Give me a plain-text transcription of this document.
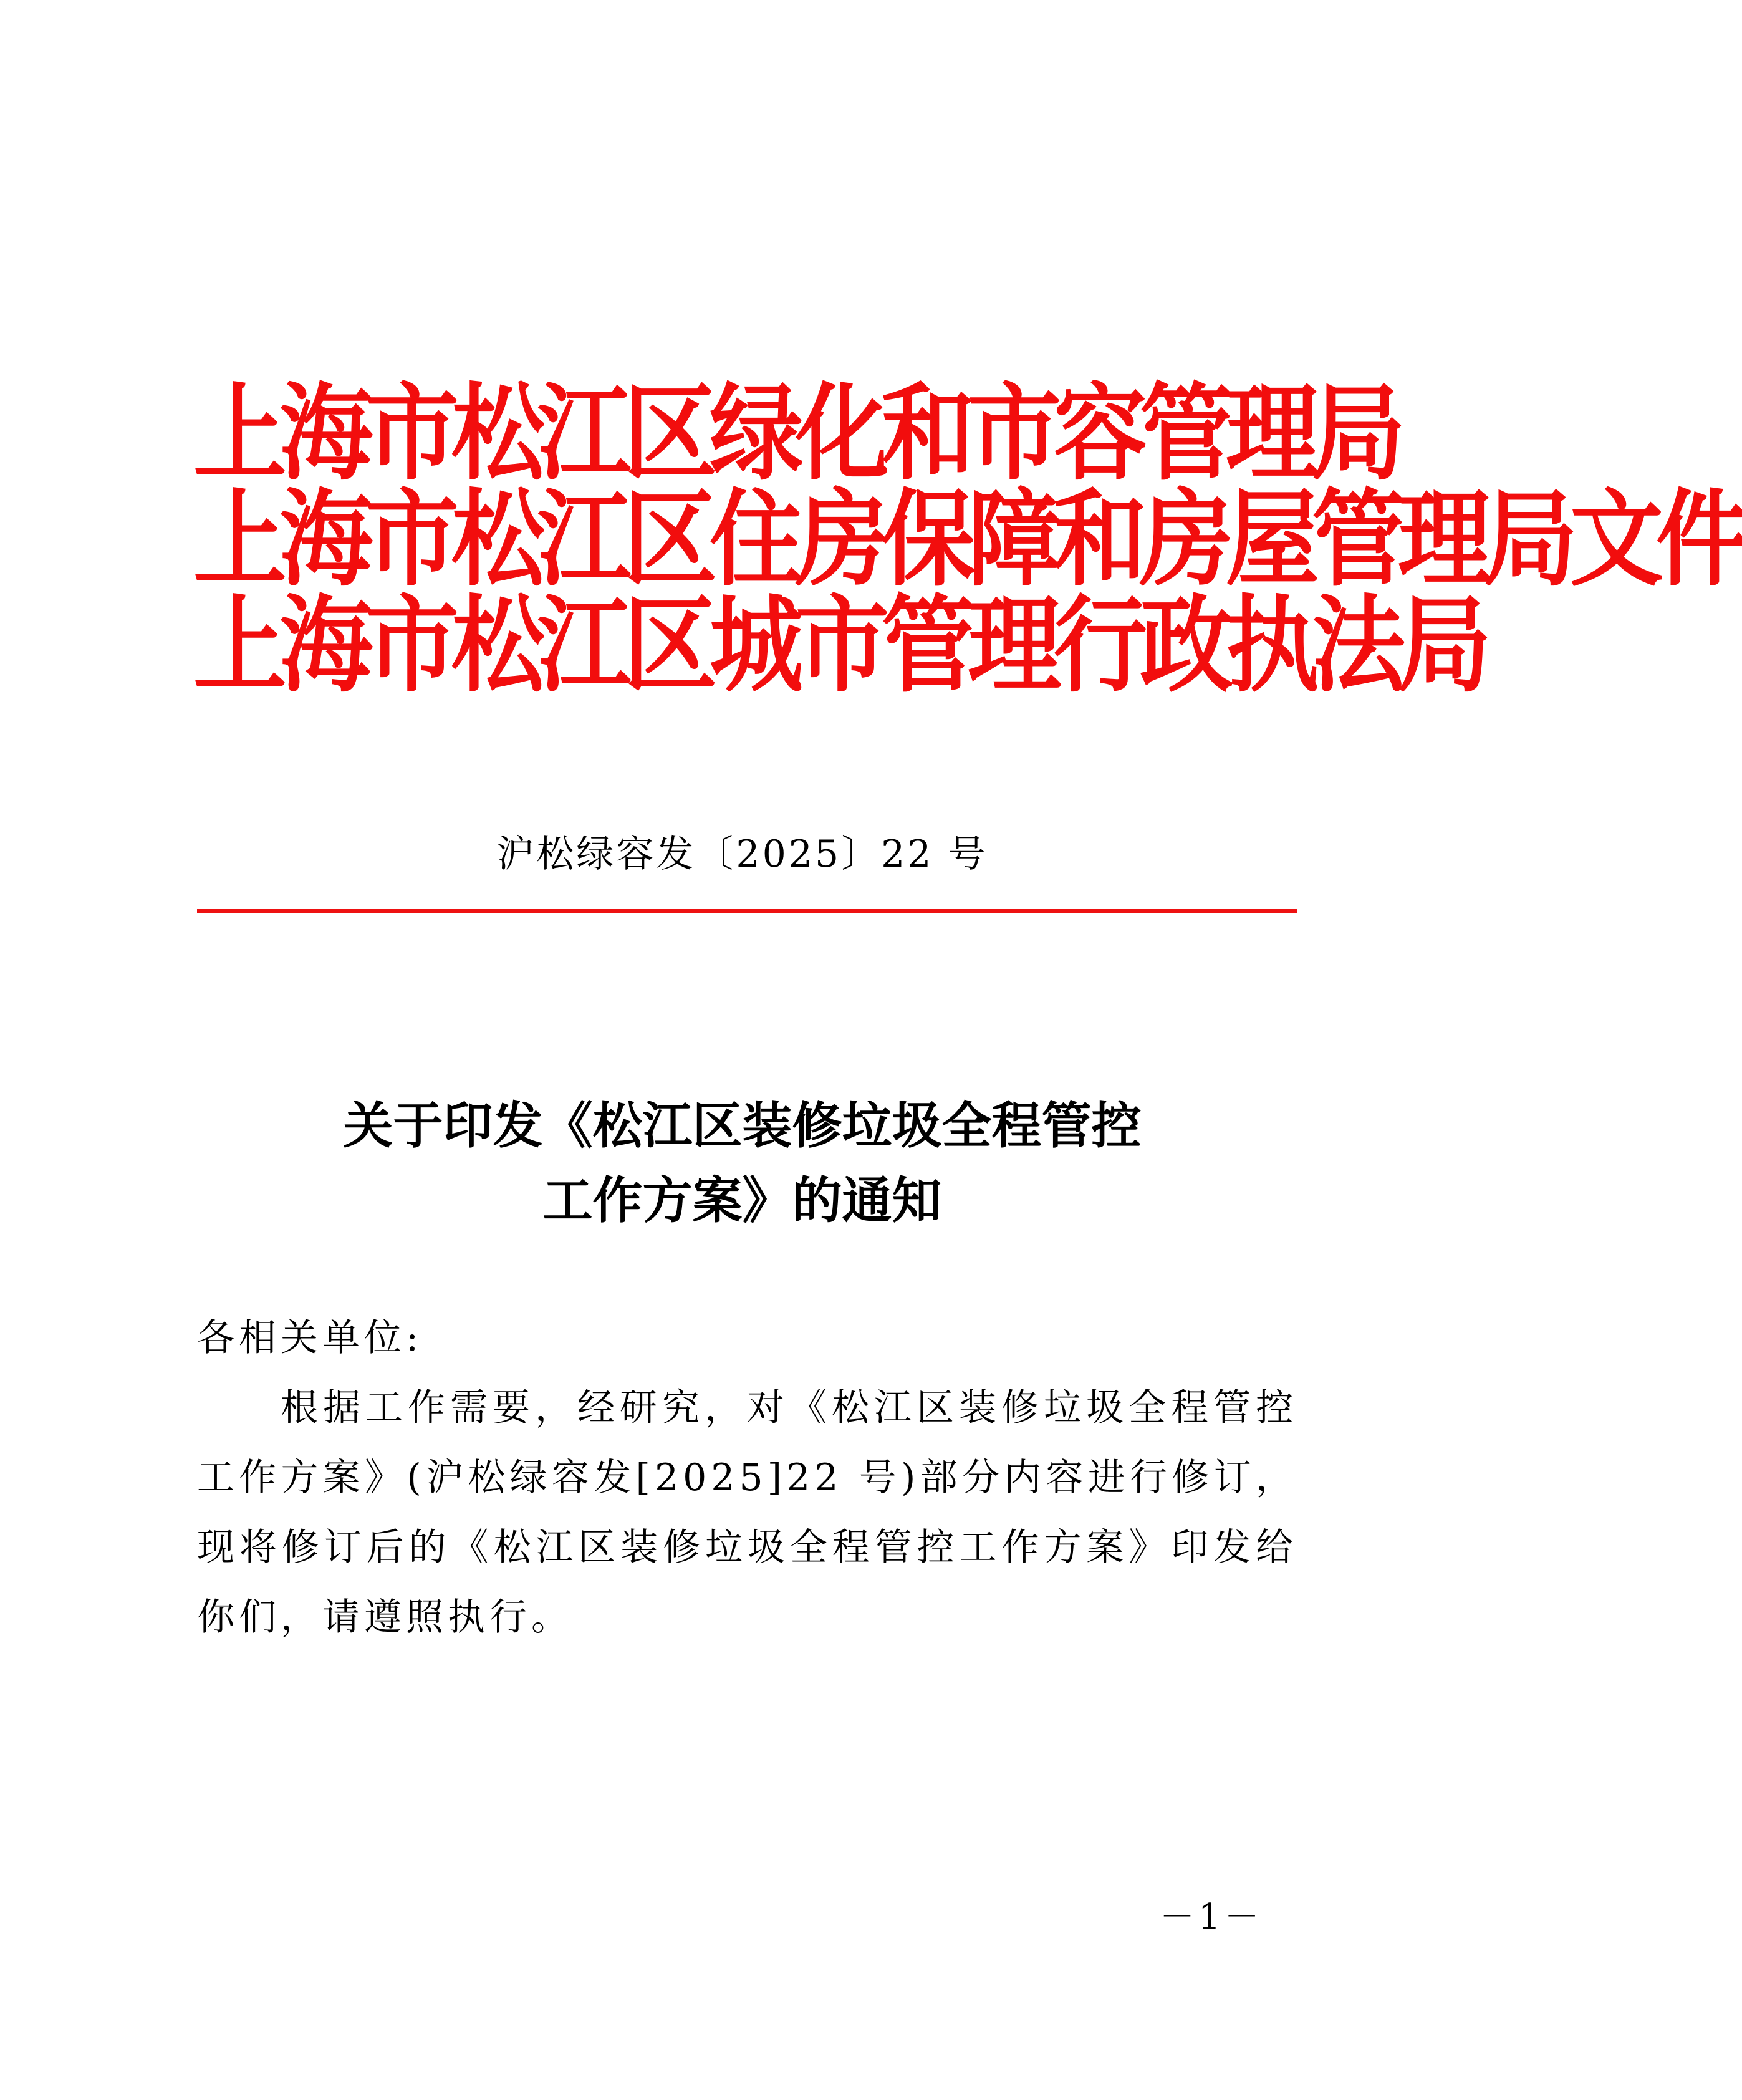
上海市松江区绿化和市容管理局
上海市松江区住房保障和房屋管理局文件
上海市松江区城市管理行政执法局
沪松绿容发〔2025〕22 号
关于印发《松江区装修垃圾全程管控
工作方案》的通知
各相关单位:
根据工作需要，经研究，对《松江区装修垃圾全程管控工作方案》(沪松绿容发[2025]22 号)部分内容进行修订，现将修订后的《松江区装修垃圾全程管控工作方案》印发给你们，请遵照执行。
－1－
